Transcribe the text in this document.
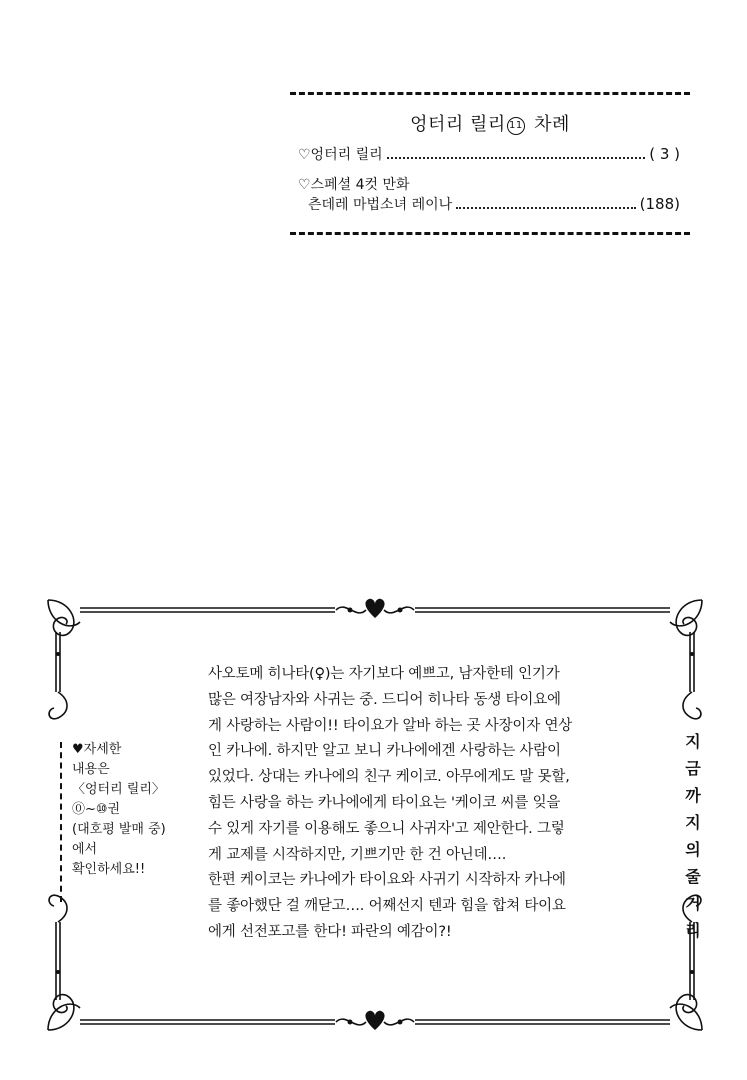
엉터리 릴리 11 차례
♡엉터리 릴리	( 3 )
♡스페셜 4컷 만화
츤데레 마법소녀 레이나	(188)
♥자세한
내용은
〈엉터리 릴리〉
⓪~⑩권
(대호평 발매 중)
에서
확인하세요!!
사오토메 히나타(♀)는 자기보다 예쁘고, 남자한테 인기가
많은 여장남자와 사귀는 중. 드디어 히나타 동생 타이요에
게 사랑하는 사람이!! 타이요가 알바 하는 곳 사장이자 연상
인 카나에. 하지만 알고 보니 카나에에겐 사랑하는 사람이
있었다. 상대는 카나에의 친구 케이코. 아무에게도 말 못할,
힘든 사랑을 하는 카나에에게 타이요는 '케이코 씨를 잊을
수 있게 자기를 이용해도 좋으니 사귀자'고 제안한다. 그렇
게 교제를 시작하지만, 기쁘기만 한 건 아닌데….
한편 케이코는 카나에가 타이요와 사귀기 시작하자 카나에
를 좋아했단 걸 깨닫고…. 어째선지 텐과 힘을 합쳐 타이요
에게 선전포고를 한다! 파란의 예감이?!
지
금
까
지
의
줄
거
리
